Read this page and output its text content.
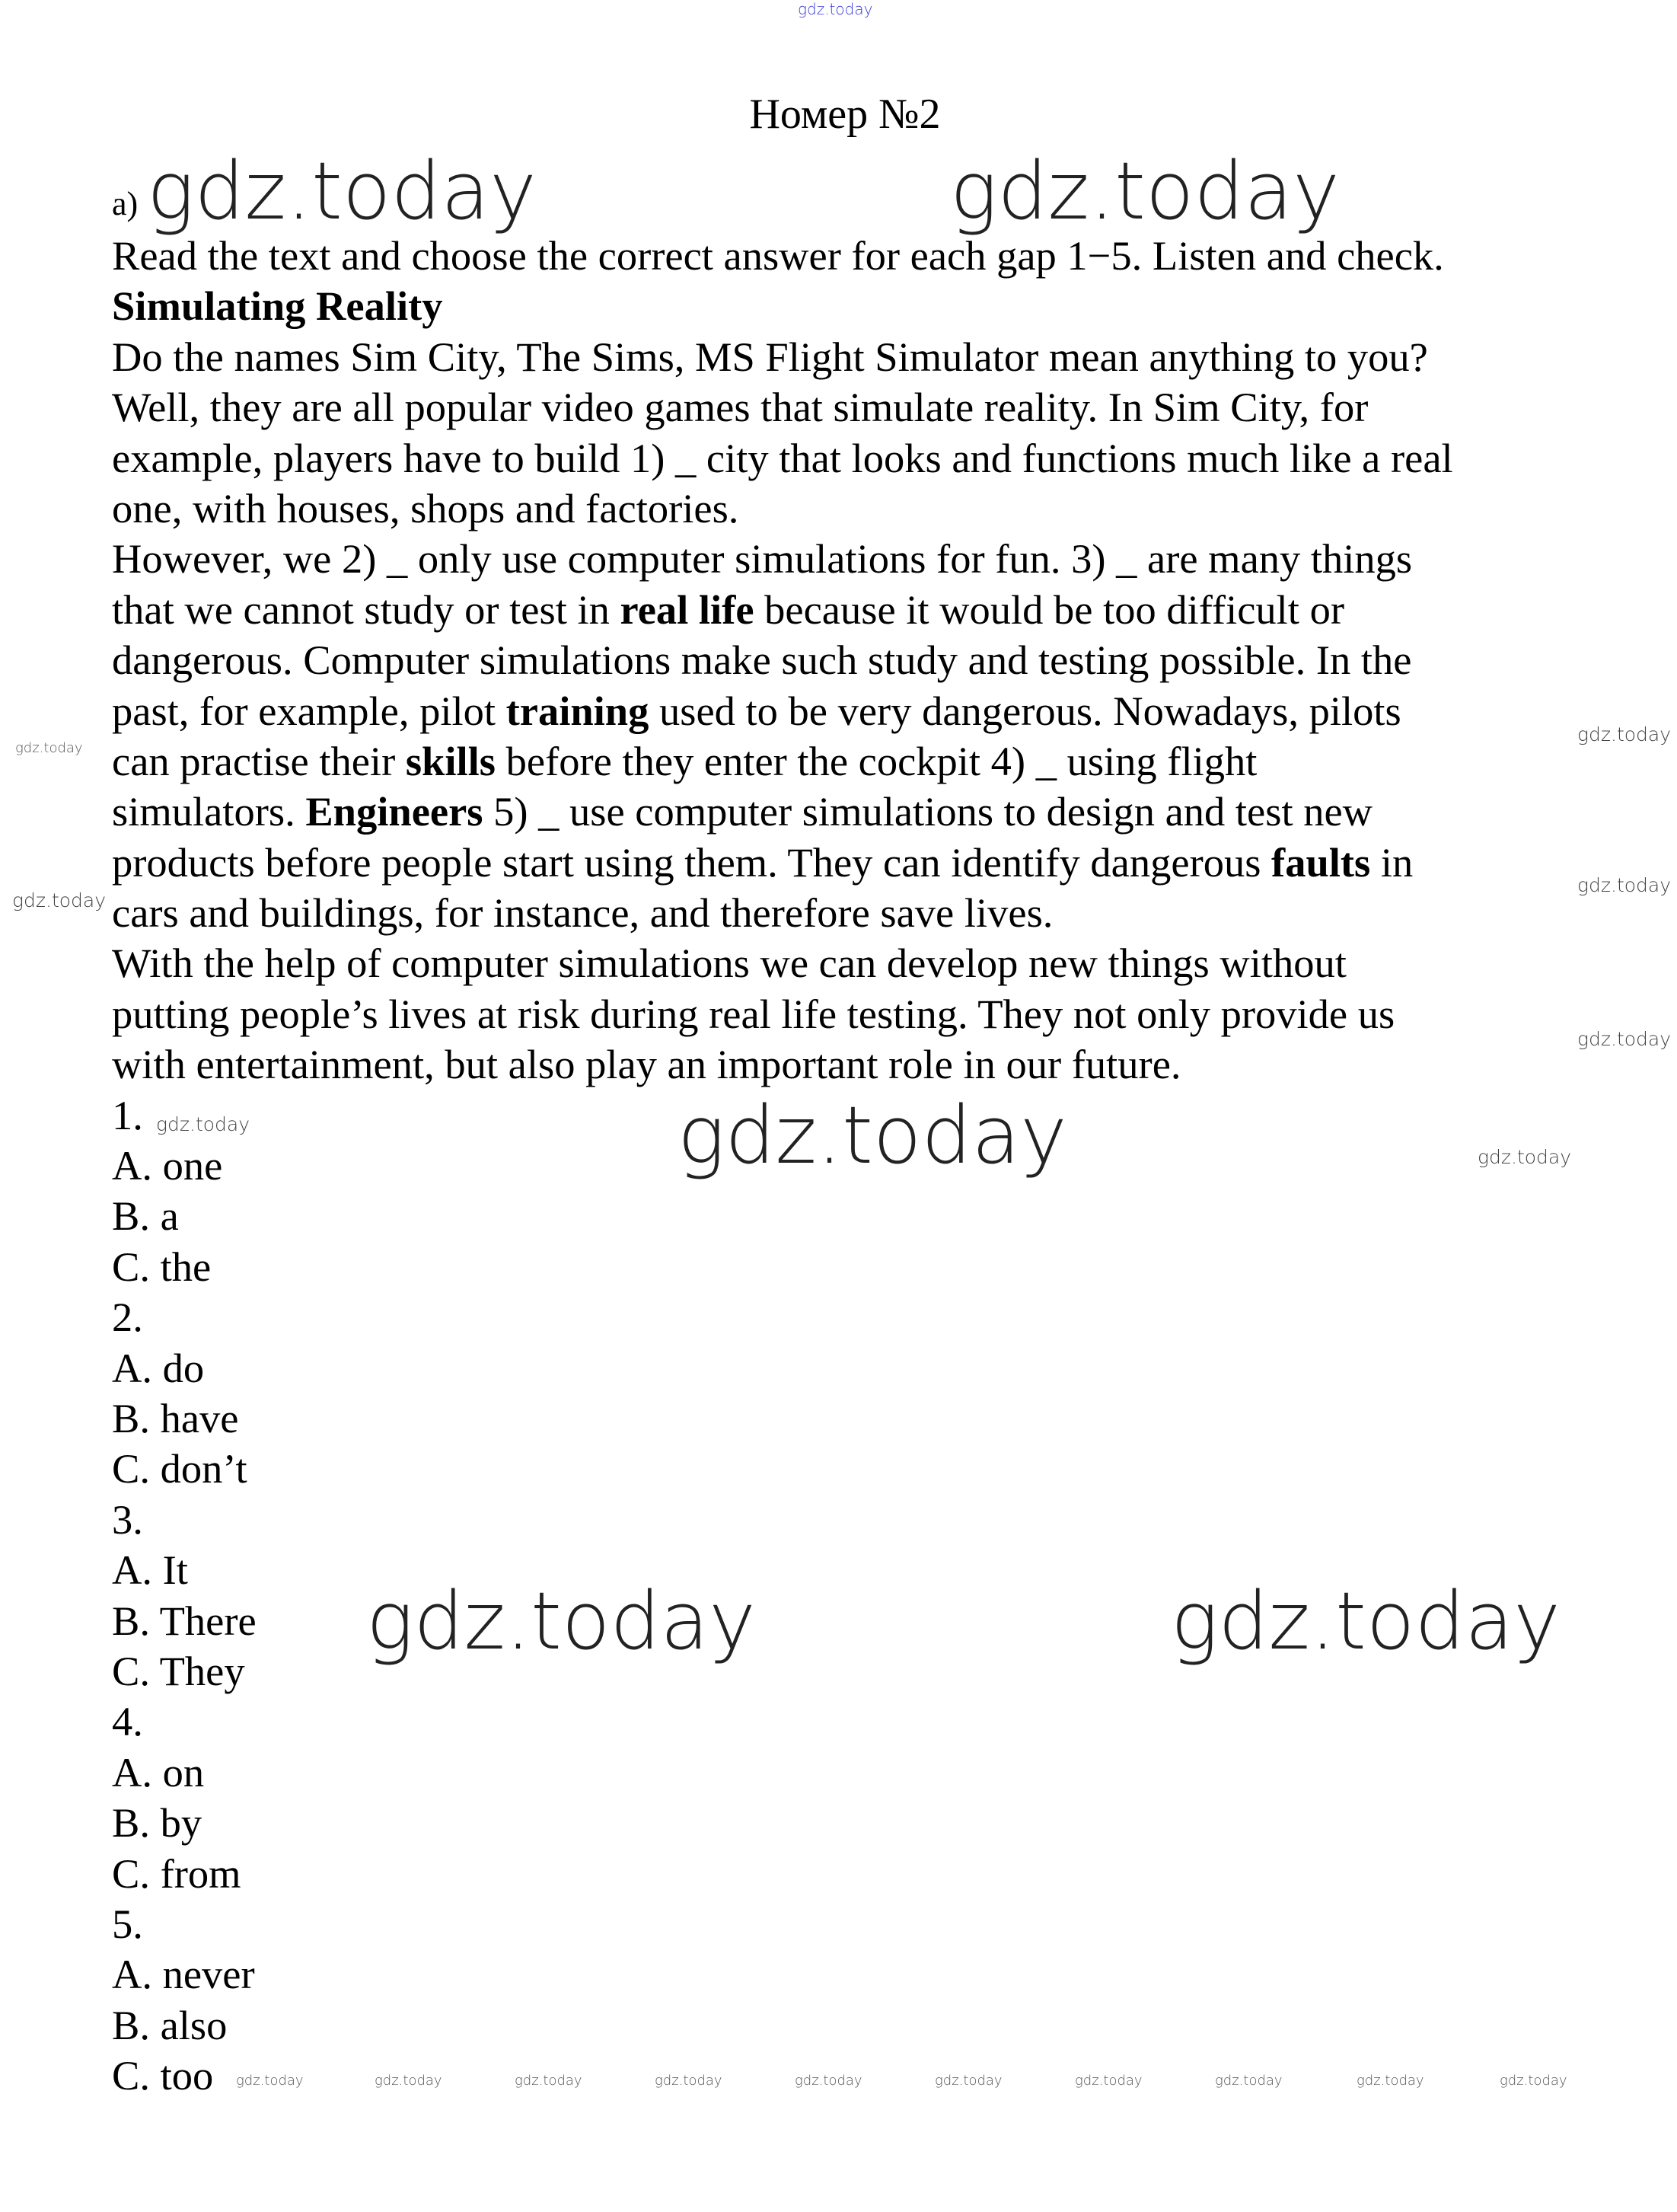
gdz.today
Номер №2
a) gdz.today	gdz.today
gdz.today
gdz.today	gdz.today
gdz.today
gdz.today
gdz.today
gdz.today
gdz.today
gdz.today
gdz.today
gdz.today	gdz.today	gdz.today	gdz.today	gdz.today	gdz.today	gdz.today	gdz.today	gdz.today	gdz.today
Read the text and choose the correct answer for each gap 1−5. Listen and check.
Simulating Reality
Do the names Sim City, The Sims, MS Flight Simulator mean anything to you?
Well, they are all popular video games that simulate reality. In Sim City, for
example, players have to build 1) _ city that looks and functions much like a real
one, with houses, shops and factories.
However, we 2) _ only use computer simulations for fun. 3) _ are many things
that we cannot study or test in real life because it would be too difficult or
dangerous. Computer simulations make such study and testing possible. In the
past, for example, pilot training used to be very dangerous. Nowadays, pilots
can practise their skills before they enter the cockpit 4) _ using flight
simulators. Engineers 5) _ use computer simulations to design and test new
products before people start using them. They can identify dangerous faults in
cars and buildings, for instance, and therefore save lives.
With the help of computer simulations we can develop new things without
putting people’s lives at risk during real life testing. They not only provide us
with entertainment, but also play an important role in our future.
1.
A. one
B. a
C. the
2.
A. do
B. have
C. don’t
3.
A. It
B. There
C. They
4.
A. on
B. by
C. from
5.
A. never
B. also
C. too
